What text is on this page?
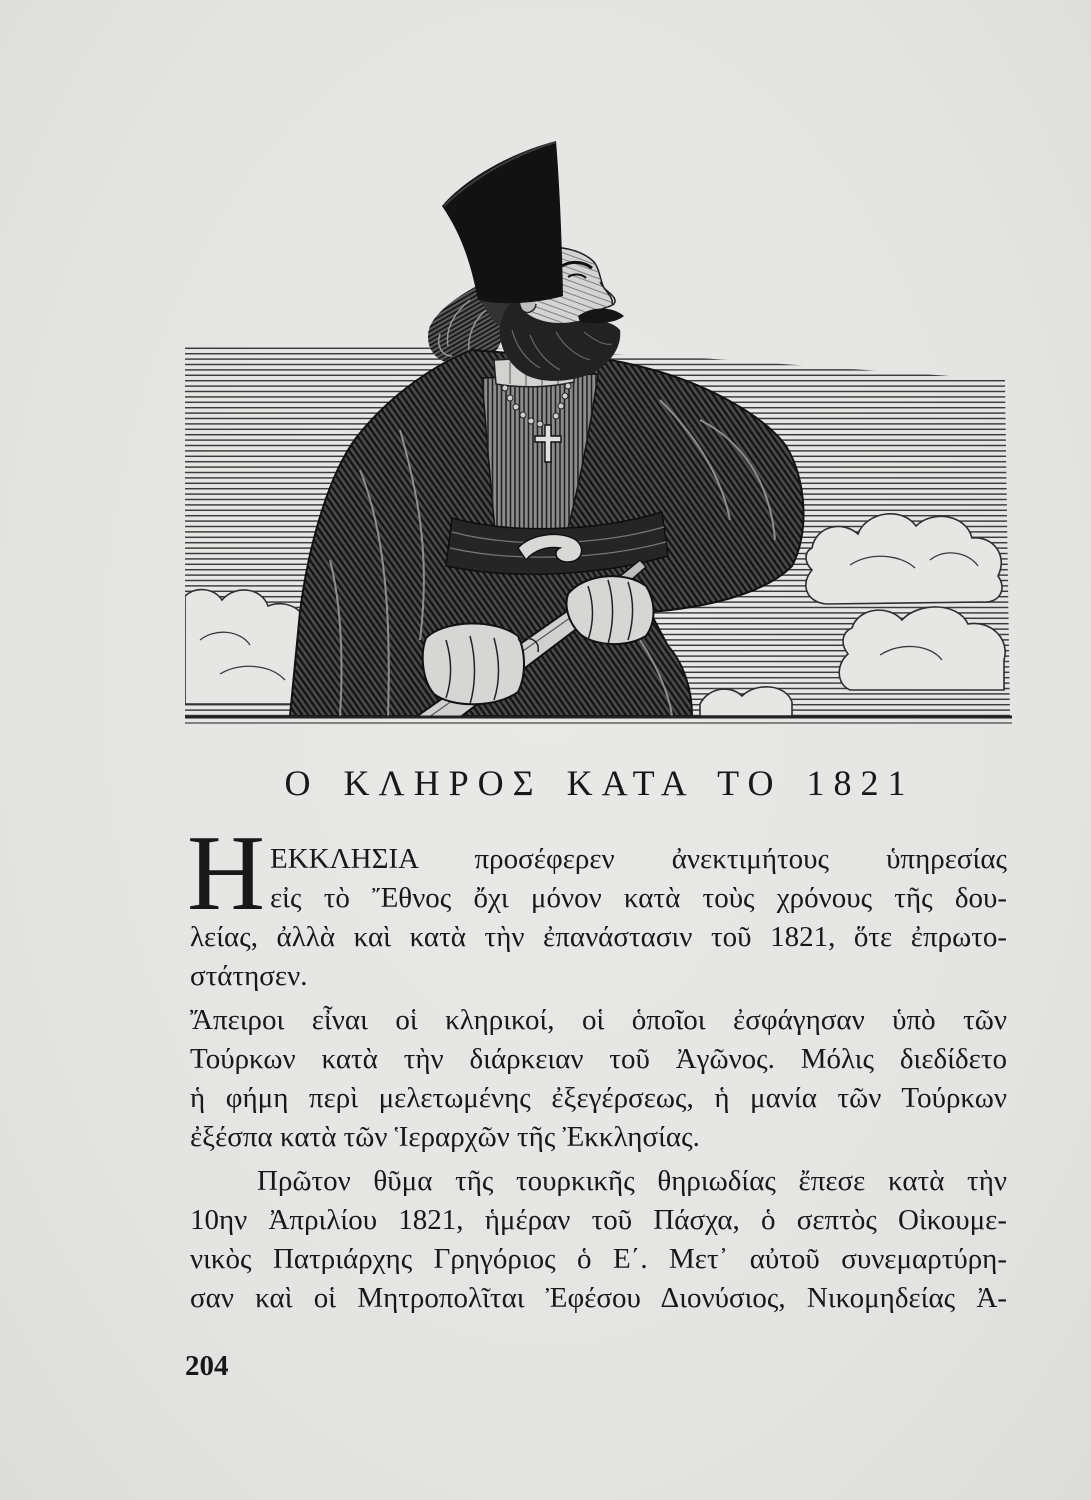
Ο ΚΛΗΡΟΣ ΚΑΤΑ ΤΟ 1821
Η ΕΚΚΛΗΣΙΑ προσέφερεν ἀνεκτιμήτους ὑπηρεσίας
εἰς τὸ Ἔθνος ὄχι μόνον κατὰ τοὺς χρόνους τῆς δου-
λείας, ἀλλὰ καὶ κατὰ τὴν ἐπανάστασιν τοῦ 1821, ὅτε ἐπρωτο-
στάτησεν.
Ἄπειροι εἶναι οἱ κληρικοί, οἱ ὁποῖοι ἐσφάγησαν ὑπὸ τῶν
Τούρκων κατὰ τὴν διάρκειαν τοῦ Ἀγῶνος. Μόλις διεδίδετο
ἡ φήμη περὶ μελετωμένης ἐξεγέρσεως, ἡ μανία τῶν Τούρκων
ἐξέσπα κατὰ τῶν Ἱεραρχῶν τῆς Ἐκκλησίας.
Πρῶτον θῦμα τῆς τουρκικῆς θηριωδίας ἔπεσε κατὰ τὴν
10ην Ἀπριλίου 1821, ἡμέραν τοῦ Πάσχα, ὁ σεπτὸς Οἰκουμε-
νικὸς Πατριάρχης Γρηγόριος ὁ Ε΄. Μετ᾿ αὐτοῦ συνεμαρτύρη-
σαν καὶ οἱ Μητροπολῖται Ἐφέσου Διονύσιος, Νικομηδείας Ἀ-
204
